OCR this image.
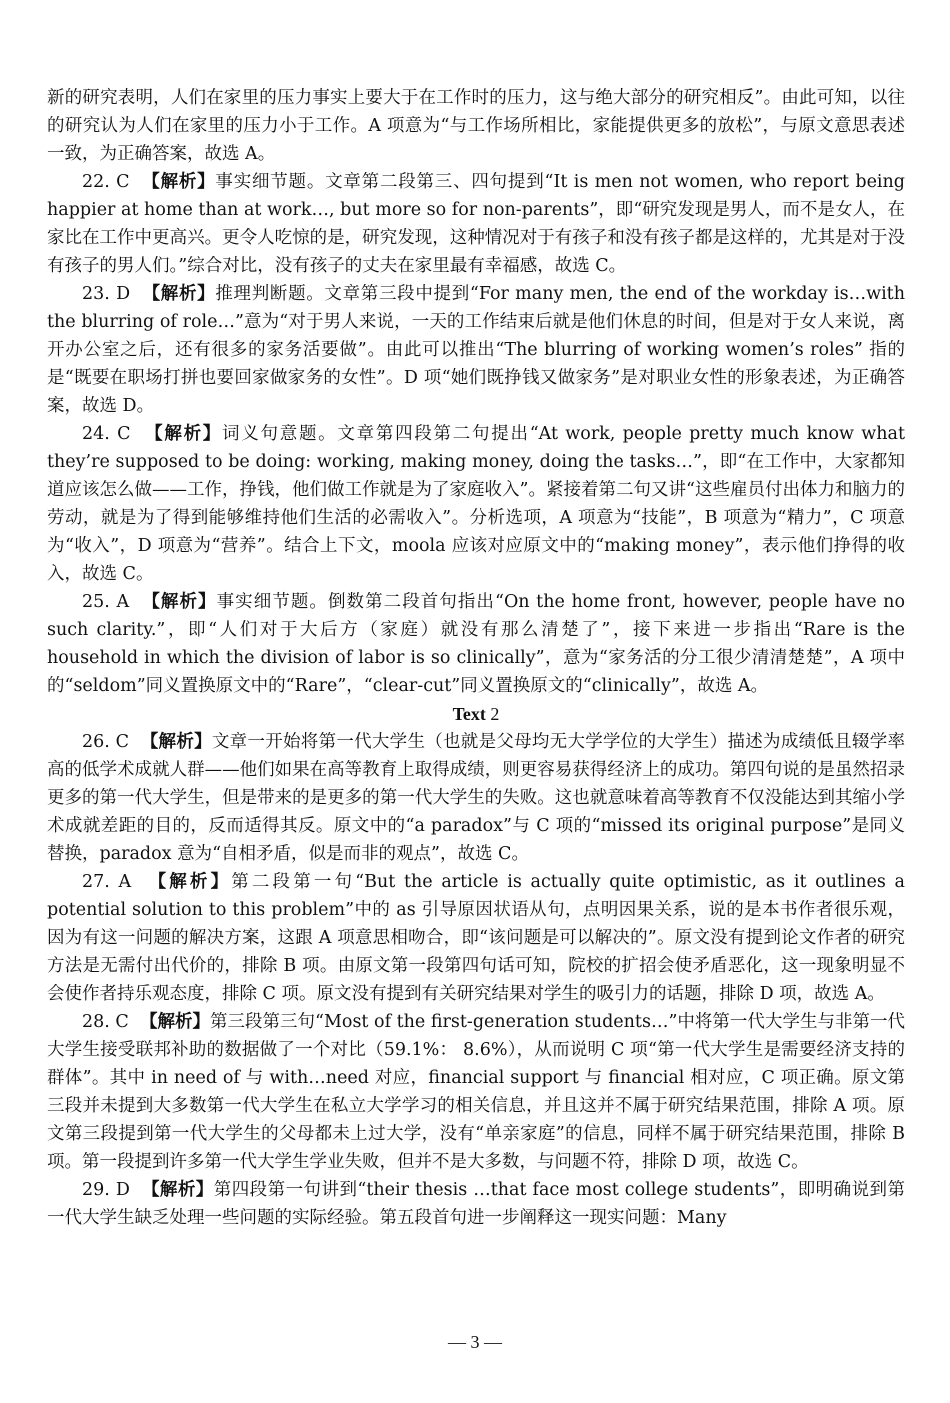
新的研究表明，人们在家里的压力事实上要大于在工作时的压力，这与绝大部分的研究相反”。由此可知，以往的研究认为人们在家里的压力小于工作。A 项意为“与工作场所相比，家能提供更多的放松”，与原文意思表述一致，为正确答案，故选 A。

22. C 【解析】事实细节题。文章第二段第三、四句提到“It is men not women, who report being happier at home than at work…, but more so for non-parents”，即“研究发现是男人，而不是女人，在家比在工作中更高兴。更令人吃惊的是，研究发现，这种情况对于有孩子和没有孩子都是这样的，尤其是对于没有孩子的男人们。”综合对比，没有孩子的丈夫在家里最有幸福感，故选 C。

23. D 【解析】推理判断题。文章第三段中提到“For many men, the end of the workday is…with the blurring of role…”意为“对于男人来说，一天的工作结束后就是他们休息的时间，但是对于女人来说，离开办公室之后，还有很多的家务活要做”。由此可以推出“The blurring of working women’s roles” 指的是“既要在职场打拼也要回家做家务的女性”。D 项“她们既挣钱又做家务”是对职业女性的形象表述，为正确答案，故选 D。

24. C 【解析】词义句意题。文章第四段第二句提出“At work, people pretty much know what they’re supposed to be doing: working, making money, doing the tasks…”，即“在工作中，大家都知道应该怎么做——工作，挣钱，他们做工作就是为了家庭收入”。紧接着第二句又讲“这些雇员付出体力和脑力的劳动，就是为了得到能够维持他们生活的必需收入”。分析选项，A 项意为“技能”，B 项意为“精力”，C 项意为“收入”，D 项意为“营养”。结合上下文，moola 应该对应原文中的“making money”，表示他们挣得的收入，故选 C。

25. A 【解析】事实细节题。倒数第二段首句指出“On the home front, however, people have no such clarity.”，即“人们对于大后方（家庭）就没有那么清楚了”，接下来进一步指出“Rare is the household in which the division of labor is so clinically”，意为“家务活的分工很少清清楚楚”，A 项中的“seldom”同义置换原文中的“Rare”，“clear-cut”同义置换原文的“clinically”，故选 A。

Text 2

26. C 【解析】文章一开始将第一代大学生（也就是父母均无大学学位的大学生）描述为成绩低且辍学率高的低学术成就人群——他们如果在高等教育上取得成绩，则更容易获得经济上的成功。第四句说的是虽然招录更多的第一代大学生，但是带来的是更多的第一代大学生的失败。这也就意味着高等教育不仅没能达到其缩小学术成就差距的目的，反而适得其反。原文中的“a paradox”与 C 项的“missed its original purpose”是同义替换，paradox 意为“自相矛盾，似是而非的观点”，故选 C。

27. A 【解析】第二段第一句“But the article is actually quite optimistic, as it outlines a potential solution to this problem”中的 as 引导原因状语从句，点明因果关系，说的是本书作者很乐观，因为有这一问题的解决方案，这跟 A 项意思相吻合，即“该问题是可以解决的”。原文没有提到论文作者的研究方法是无需付出代价的，排除 B 项。由原文第一段第四句话可知，院校的扩招会使矛盾恶化，这一现象明显不会使作者持乐观态度，排除 C 项。原文没有提到有关研究结果对学生的吸引力的话题，排除 D 项，故选 A。

28. C 【解析】第三段第三句“Most of the first-generation students…”中将第一代大学生与非第一代大学生接受联邦补助的数据做了一个对比（59.1%： 8.6%），从而说明 C 项“第一代大学生是需要经济支持的群体”。其中 in need of 与 with…need 对应，financial support 与 financial 相对应，C 项正确。原文第三段并未提到大多数第一代大学生在私立大学学习的相关信息，并且这并不属于研究结果范围，排除 A 项。原文第三段提到第一代大学生的父母都未上过大学，没有“单亲家庭”的信息，同样不属于研究结果范围，排除 B 项。第一段提到许多第一代大学生学业失败，但并不是大多数，与问题不符，排除 D 项，故选 C。

29. D 【解析】第四段第一句讲到“their thesis …that face most college students”，即明确说到第一代大学生缺乏处理一些问题的实际经验。第五段首句进一步阐释这一现实问题：Many

— 3 —
